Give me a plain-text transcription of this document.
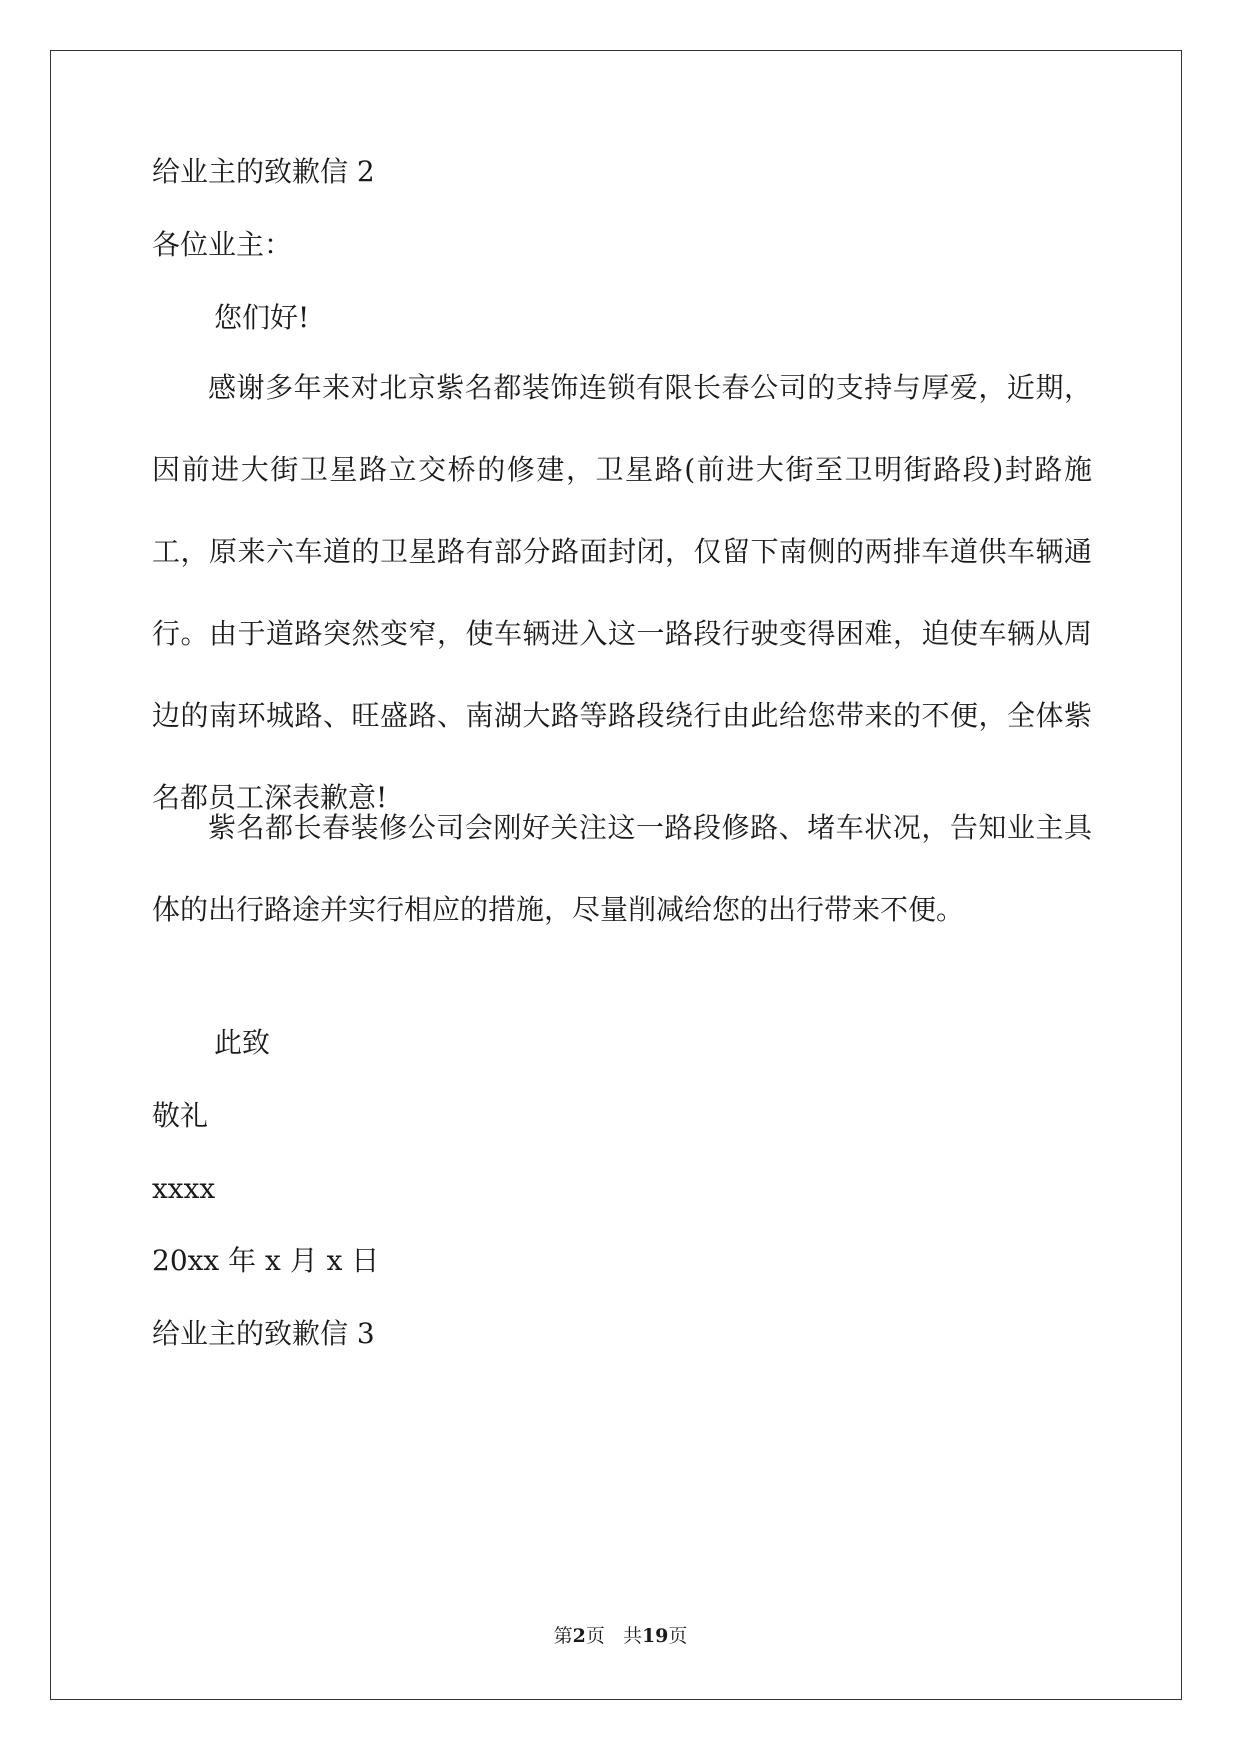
给业主的致歉信 2
各位业主：
您们好!
感谢多年来对北京紫名都装饰连锁有限长春公司的支持与厚爱，近期，因前进大街卫星路立交桥的修建，卫星路(前进大街至卫明街路段)封路施工，原来六车道的卫星路有部分路面封闭，仅留下南侧的两排车道供车辆通行。由于道路突然变窄，使车辆进入这一路段行驶变得困难，迫使车辆从周边的南环城路、旺盛路、南湖大路等路段绕行由此给您带来的不便，全体紫名都员工深表歉意!
紫名都长春装修公司会刚好关注这一路段修路、堵车状况，告知业主具体的出行路途并实行相应的措施，尽量削减给您的出行带来不便。
此致
敬礼
xxxx
20xx 年 x 月 x 日
给业主的致歉信 3
第2页   共19页
